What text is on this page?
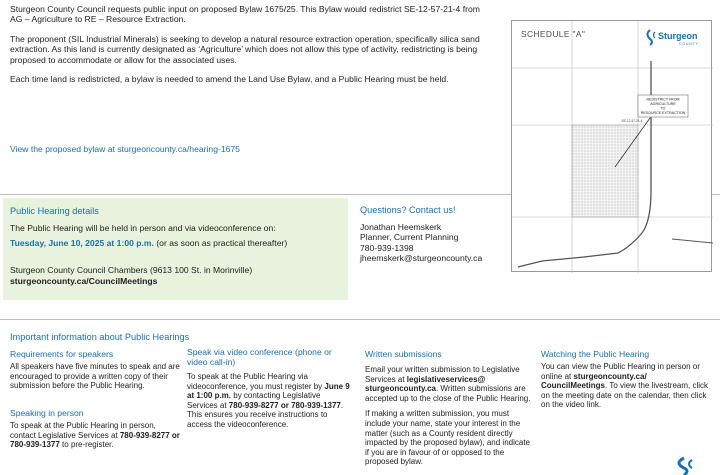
Sturgeon County Council requests public input on proposed Bylaw 1675/25. This Bylaw would redistrict SE-12-57-21-4 from AG – Agriculture to RE – Resource Extraction.

The proponent (SIL Industrial Minerals) is seeking to develop a natural resource extraction operation, specifically silica sand extraction. As this land is currently designated as ‘Agriculture’ which does not allow this type of activity, redistricting is being proposed to accommodate or allow for the associated uses.

Each time land is redistricted, a bylaw is needed to amend the Land Use Bylaw, and a Public Hearing must be held.

View the proposed bylaw at sturgeoncounty.ca/hearing-1675
REDISTRICT FROM
AGRICULTURE
TO
RESOURCE EXTRACTION
SE-12-57-21-4
SCHEDULE "A"	Sturgeon
COUNTY
Public Hearing details
The Public Hearing will be held in person and via videoconference on:
Tuesday, June 10, 2025 at 1:00 p.m. (or as soon as practical thereafter)
Sturgeon County Council Chambers (9613 100 St. in Morinville)
sturgeoncounty.ca/CouncilMeetings
Questions? Contact us!
Jonathan Heemskerk
Planner, Current Planning
780-939-1398
jheemskerk@sturgeoncounty.ca
Important information about Public Hearings
Requirements for speakers

All speakers have five minutes to speak and are encouraged to provide a written copy of their submission before the Public Hearing.

Speaking in person
To speak at the Public Hearing in person, contact Legislative Services at 780-939-8277 or 780-939-1377 to pre-register.
Speak via video conference (phone or video call-in)
To speak at the Public Hearing via videoconference, you must register by June 9 at 1:00 p.m. by contacting Legislative Services at 780-939-8277 or 780-939-1377. This ensures you receive instructions to access the videoconference.
Written submissions

Email your written submission to Legislative Services at legislativeservices@ sturgeoncounty.ca. Written submissions are accepted up to the close of the Public Hearing.

If making a written submission, you must include your name, state your interest in the matter (such as a County resident directly impacted by the proposed bylaw), and indicate if you are in favour of or opposed to the proposed bylaw.

Watching the Public Hearing
You can view the Public Hearing in person or online at sturgeoncounty.ca/ CouncilMeetings. To view the livestream, click on the meeting date on the calendar, then click on the video link.
